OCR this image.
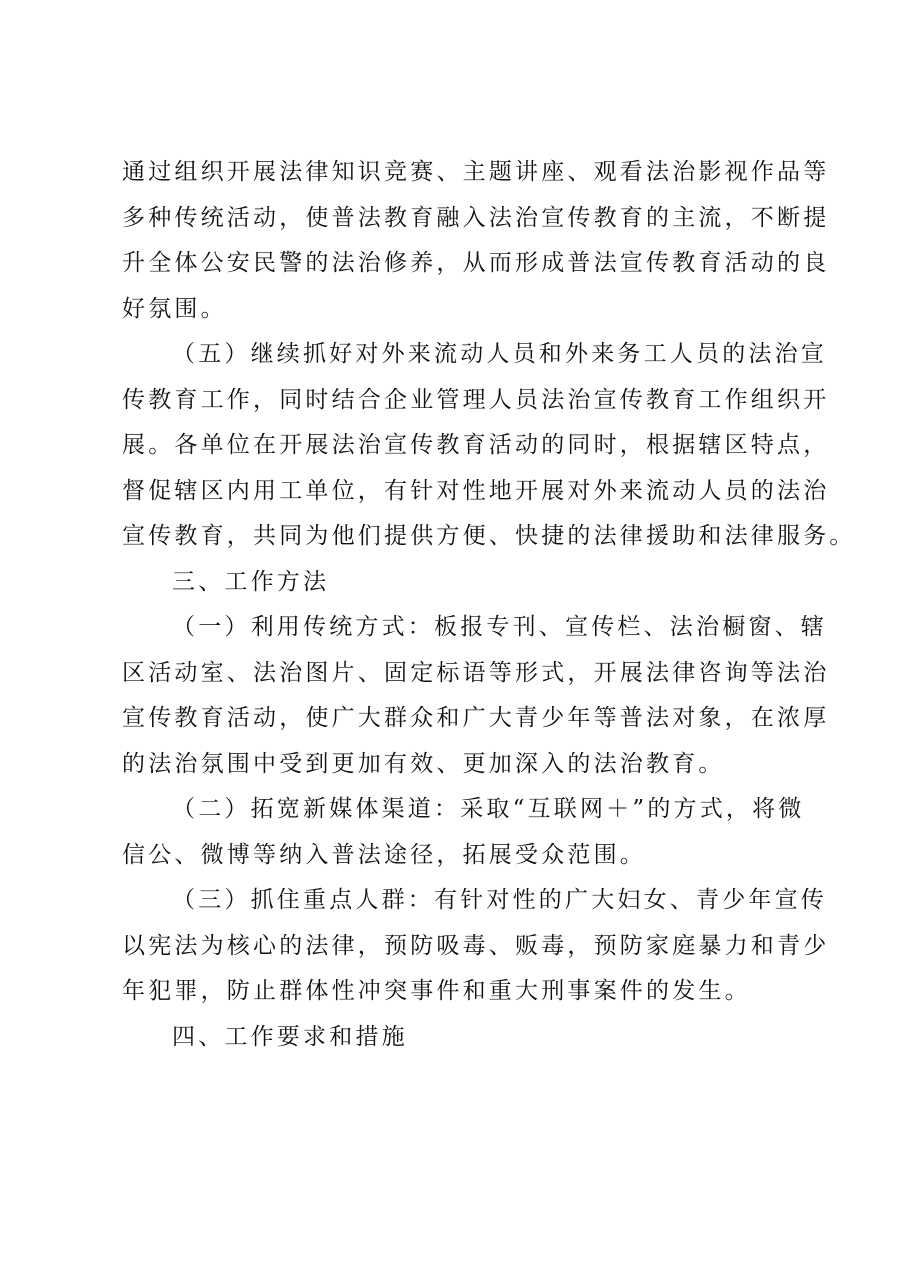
通过组织开展法律知识竞赛、主题讲座、观看法治影视作品等
多种传统活动，使普法教育融入法治宣传教育的主流，不断提
升全体公安民警的法治修养，从而形成普法宣传教育活动的良
好氛围。
（五）继续抓好对外来流动人员和外来务工人员的法治宣
传教育工作，同时结合企业管理人员法治宣传教育工作组织开
展。各单位在开展法治宣传教育活动的同时，根据辖区特点，
督促辖区内用工单位，有针对性地开展对外来流动人员的法治
宣传教育，共同为他们提供方便、快捷的法律援助和法律服务。
三、工作方法
（一）利用传统方式：板报专刊、宣传栏、法治橱窗、辖
区活动室、法治图片、固定标语等形式，开展法律咨询等法治
宣传教育活动，使广大群众和广大青少年等普法对象，在浓厚
的法治氛围中受到更加有效、更加深入的法治教育。
（二）拓宽新媒体渠道：采取“互联网＋”的方式，将微
信公、微博等纳入普法途径，拓展受众范围。
（三）抓住重点人群：有针对性的广大妇女、青少年宣传
以宪法为核心的法律，预防吸毒、贩毒，预防家庭暴力和青少
年犯罪，防止群体性冲突事件和重大刑事案件的发生。
四、工作要求和措施
